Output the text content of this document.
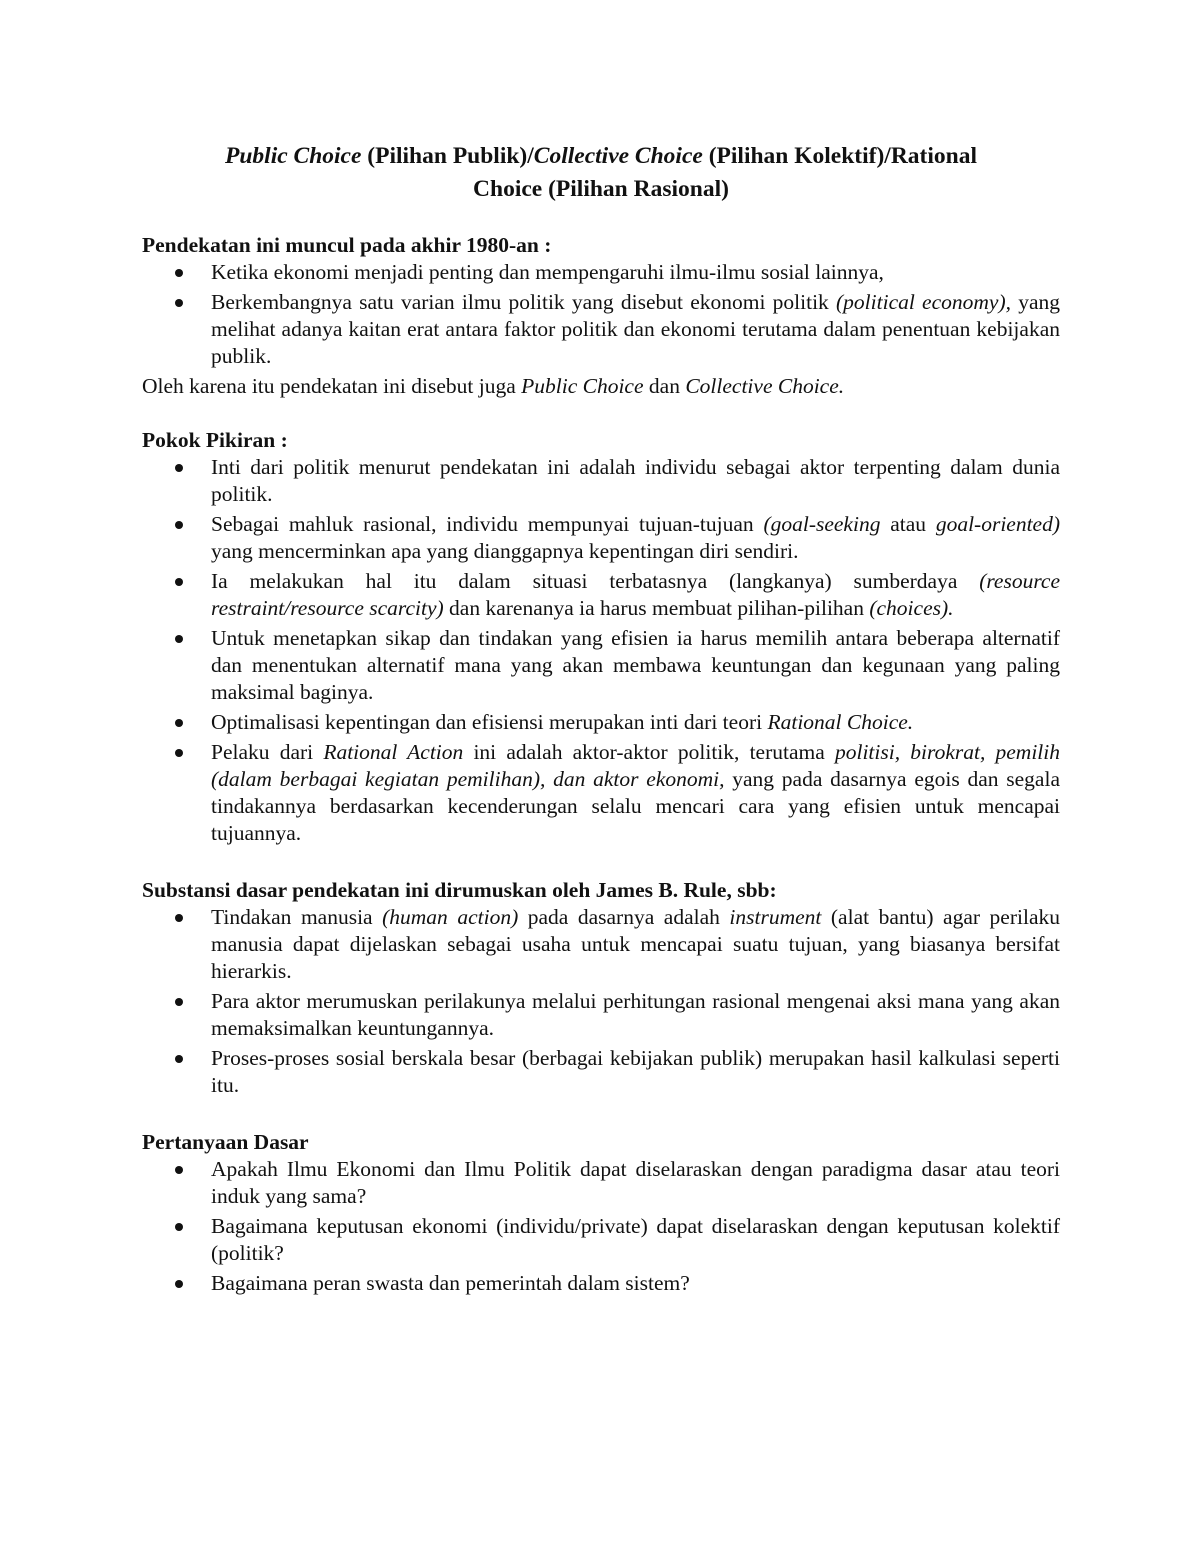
Public Choice (Pilihan Publik)/Collective Choice (Pilihan Kolektif)/Rational
Choice (Pilihan Rasional)

Pendekatan ini muncul pada akhir 1980-an :

Ketika ekonomi menjadi penting dan mempengaruhi ilmu-ilmu sosial lainnya,
Berkembangnya satu varian ilmu politik yang disebut ekonomi politik (political economy), yang melihat adanya kaitan erat antara faktor politik dan ekonomi terutama dalam penentuan kebijakan publik.

Oleh karena itu pendekatan ini disebut juga Public Choice dan Collective Choice.

Pokok Pikiran :

Inti dari politik menurut pendekatan ini adalah individu sebagai aktor terpenting dalam dunia politik.
Sebagai mahluk rasional, individu mempunyai tujuan-tujuan (goal-seeking atau goal-oriented) yang mencerminkan apa yang dianggapnya kepentingan diri sendiri.
Ia melakukan hal itu dalam situasi terbatasnya (langkanya) sumberdaya (resource restraint/resource scarcity) dan karenanya ia harus membuat pilihan-pilihan (choices).
Untuk menetapkan sikap dan tindakan yang efisien ia harus memilih antara beberapa alternatif dan menentukan alternatif mana yang akan membawa keuntungan dan kegunaan yang paling maksimal baginya.
Optimalisasi kepentingan dan efisiensi merupakan inti dari teori Rational Choice.
Pelaku dari Rational Action ini adalah aktor-aktor politik, terutama politisi, birokrat, pemilih (dalam berbagai kegiatan pemilihan), dan aktor ekonomi, yang pada dasarnya egois dan segala tindakannya berdasarkan kecenderungan selalu mencari cara yang efisien untuk mencapai tujuannya.

Substansi dasar pendekatan ini dirumuskan oleh James B. Rule, sbb:

Tindakan manusia (human action) pada dasarnya adalah instrument (alat bantu) agar perilaku manusia dapat dijelaskan sebagai usaha untuk mencapai suatu tujuan, yang biasanya bersifat hierarkis.
Para aktor merumuskan perilakunya melalui perhitungan rasional mengenai aksi mana yang akan memaksimalkan keuntungannya.
Proses-proses sosial berskala besar (berbagai kebijakan publik) merupakan hasil kalkulasi seperti itu.

Pertanyaan Dasar

Apakah Ilmu Ekonomi dan Ilmu Politik dapat diselaraskan dengan paradigma dasar atau teori induk yang sama?
Bagaimana keputusan ekonomi (individu/private) dapat diselaraskan dengan keputusan kolektif (politik?
Bagaimana peran swasta dan pemerintah dalam sistem?
